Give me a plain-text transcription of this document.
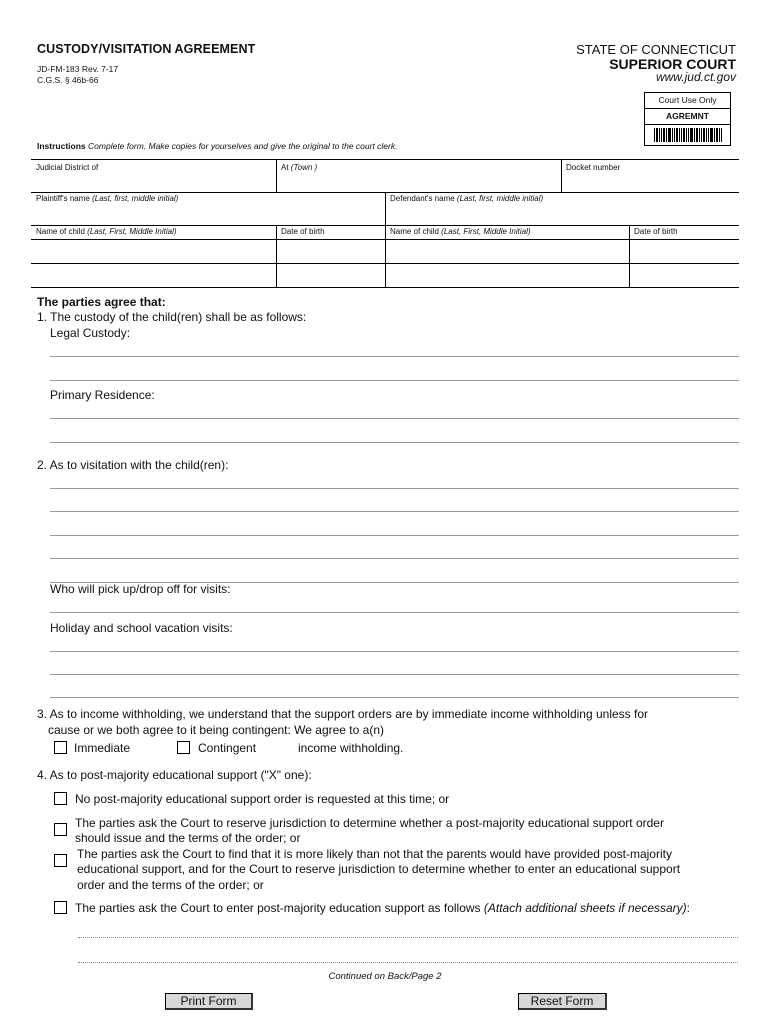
CUSTODY/VISITATION AGREEMENT
JD-FM-183 Rev. 7-17
C.G.S. § 46b-66
STATE OF CONNECTICUT
SUPERIOR COURT
www.jud.ct.gov
Court Use Only
AGREMNT
Instructions Complete form. Make copies for yourselves and give the original to the court clerk.
Judicial District of	At (Town )	Docket number
Plaintiff's name (Last, first, middle initial)	Defendant's name (Last, first, middle initial)
Name of child (Last, First, Middle Initial)	Date of birth	Name of child (Last, First, Middle Initial)	Date of birth
The parties agree that:
1. The custody of the child(ren) shall be as follows:
Legal Custody:
Primary Residence:
2. As to visitation with the child(ren):
Who will pick up/drop off for visits:
Holiday and school vacation visits:
3. As to income withholding, we understand that the support orders are by immediate income withholding unless for
cause or we both agree to it being contingent: We agree to a(n)
Immediate	Contingent	income withholding.
4. As to post-majority educational support ("X" one):
No post-majority educational support order is requested at this time; or
The parties ask the Court to reserve jurisdiction to determine whether a post-majority educational support order
should issue and the terms of the order; or
The parties ask the Court to find that it is more likely than not that the parents would have provided post-majority
educational support, and for the Court to reserve jurisdiction to determine whether to enter an educational support
order and the terms of the order; or
The parties ask the Court to enter post-majority education support as follows (Attach additional sheets if necessary):
Continued on Back/Page 2
Print Form	Reset Form
